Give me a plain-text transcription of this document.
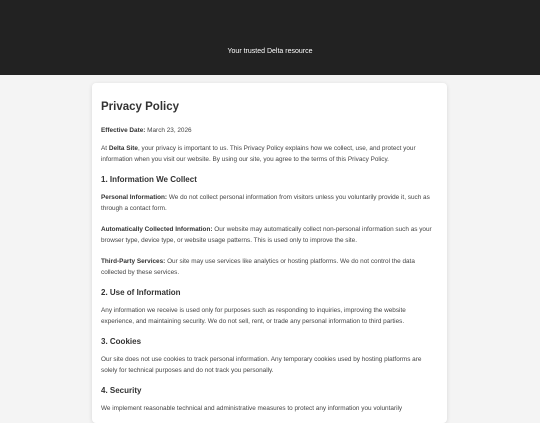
Your trusted Delta resource
Privacy Policy

Effective Date: March 23, 2026

At Delta Site, your privacy is important to us. This Privacy Policy explains how we collect, use, and protect your information when you visit our website. By using our site, you agree to the terms of this Privacy Policy.

1. Information We Collect

Personal Information: We do not collect personal information from visitors unless you voluntarily provide it, such as through a contact form.

Automatically Collected Information: Our website may automatically collect non-personal information such as your browser type, device type, or website usage patterns. This is used only to improve the site.

Third-Party Services: Our site may use services like analytics or hosting platforms. We do not control the data collected by these services.

2. Use of Information

Any information we receive is used only for purposes such as responding to inquiries, improving the website experience, and maintaining security. We do not sell, rent, or trade any personal information to third parties.

3. Cookies

Our site does not use cookies to track personal information. Any temporary cookies used by hosting platforms are solely for technical purposes and do not track you personally.

4. Security

We implement reasonable technical and administrative measures to protect any information you voluntarily
